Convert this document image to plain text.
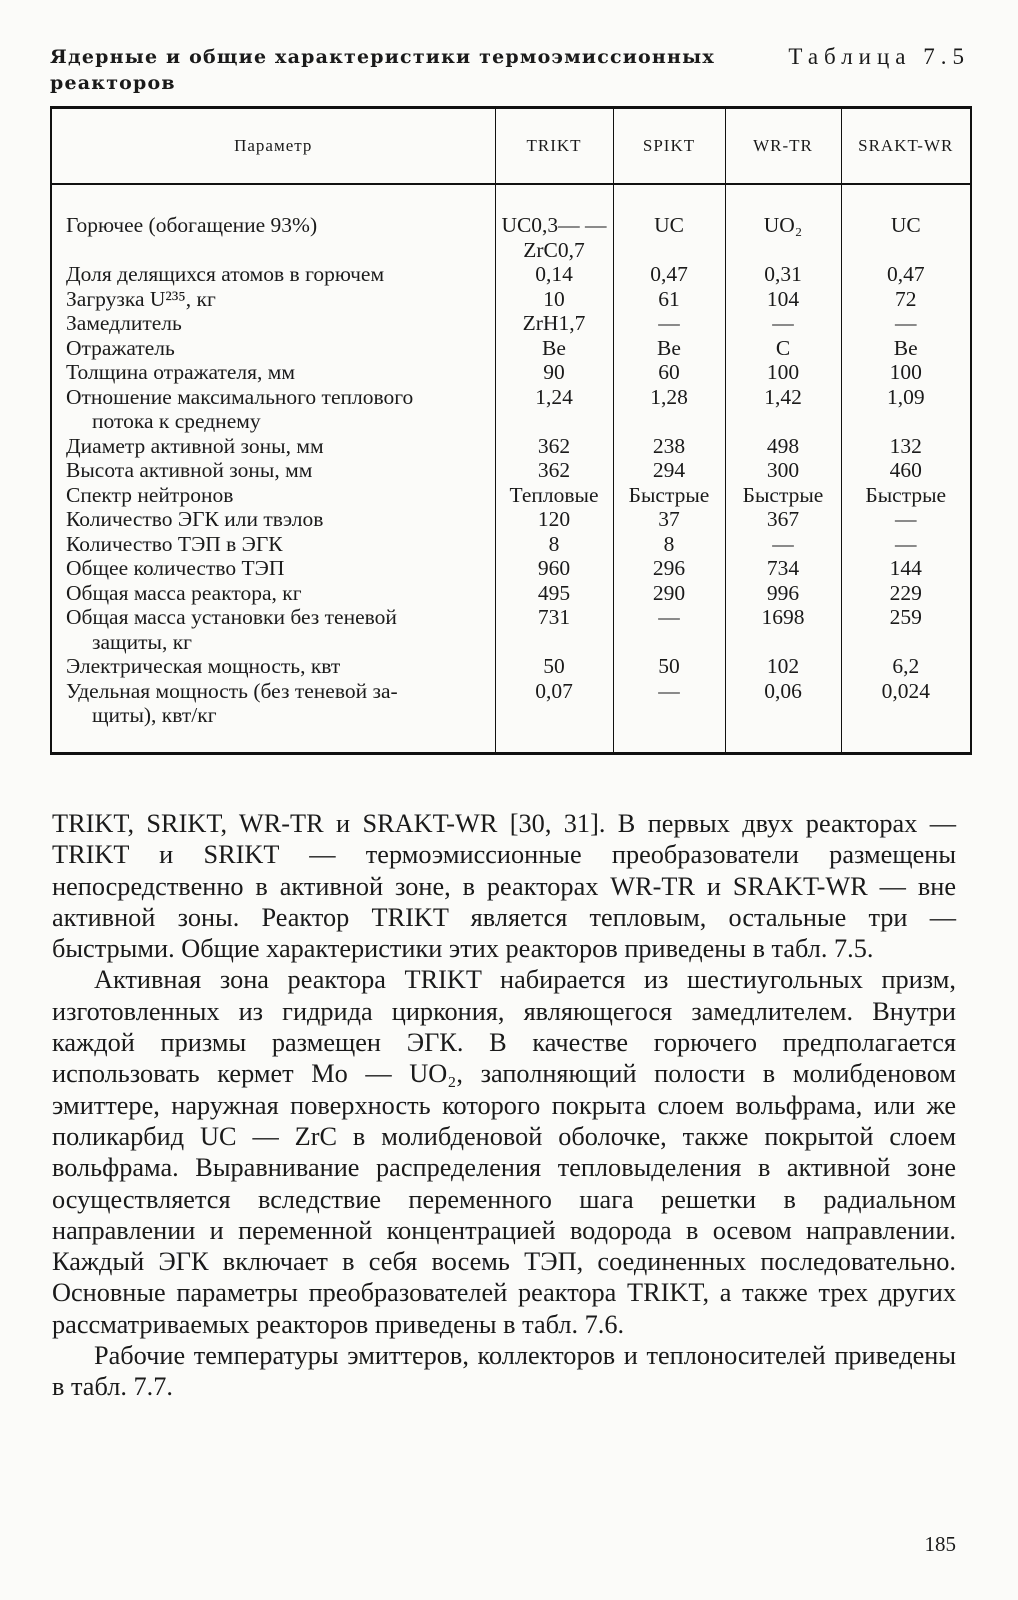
Ядерные и общие характеристики термоэмиссионных реакторов
Таблица 7.5
Параметр	TRIKT	SPIKT	WR-TR	SRAKT-WR

Горючее (обогащение 93%)	UC0,3— —ZrC0,7	UC	UO₂	UC
Доля делящихся атомов в горючем	0,14	0,47	0,31	0,47
Загрузка U²³⁵, кг	10	61	104	72
Замедлитель	ZrH1,7	—	—	—
Отражатель	Be	Be	C	Be
Толщина отражателя, мм	90	60	100	100
Отношение максимального теплового
потока к среднему	1,24	1,28	1,42	1,09
Диаметр активной зоны, мм	362	238	498	132
Высота активной зоны, мм	362	294	300	460
Спектр нейтронов	Тепловые	Быстрые	Быстрые	Быстрые
Количество ЭГК или твэлов	120	37	367	—
Количество ТЭП в ЭГК	8	8	—	—
Общее количество ТЭП	960	296	734	144
Общая масса реактора, кг	495	290	996	229
Общая масса установки без теневой
защиты, кг	731	—	1698	259
Электрическая мощность, квт	50	50	102	6,2
Удельная мощность (без теневой за-
щиты), квт/кг	0,07	—	0,06	0,024

TRIKT, SRIKT, WR-TR и SRAKT-WR [30, 31]. В первых двух реакторах — TRIKT и SRIKT — термоэмиссионные преобразователи размещены непосредственно в активной зоне, в реакторах WR-TR и SRAKT-WR — вне активной зоны. Реактор TRIKT является тепловым, остальные три — быстрыми. Общие характеристики этих реакторов приведены в табл. 7.5.

Активная зона реактора TRIKT набирается из шестиугольных призм, изготовленных из гидрида циркония, являющегося замедлителем. Внутри каждой призмы размещен ЭГК. В качестве горючего предполагается использовать кермет Mo — UO₂, заполняющий полости в молибденовом эмиттере, наружная поверхность которого покрыта слоем вольфрама, или же поликарбид UC — ZrC в молибденовой оболочке, также покрытой слоем вольфрама. Выравнивание распределения тепловыделения в активной зоне осуществляется вследствие переменного шага решетки в радиальном направлении и переменной концентрацией водорода в осевом направлении. Каждый ЭГК включает в себя восемь ТЭП, соединенных последовательно. Основные параметры преобразователей реактора TRIKT, а также трех других рассматриваемых реакторов приведены в табл. 7.6.

Рабочие температуры эмиттеров, коллекторов и теплоносителей приведены в табл. 7.7.

185
